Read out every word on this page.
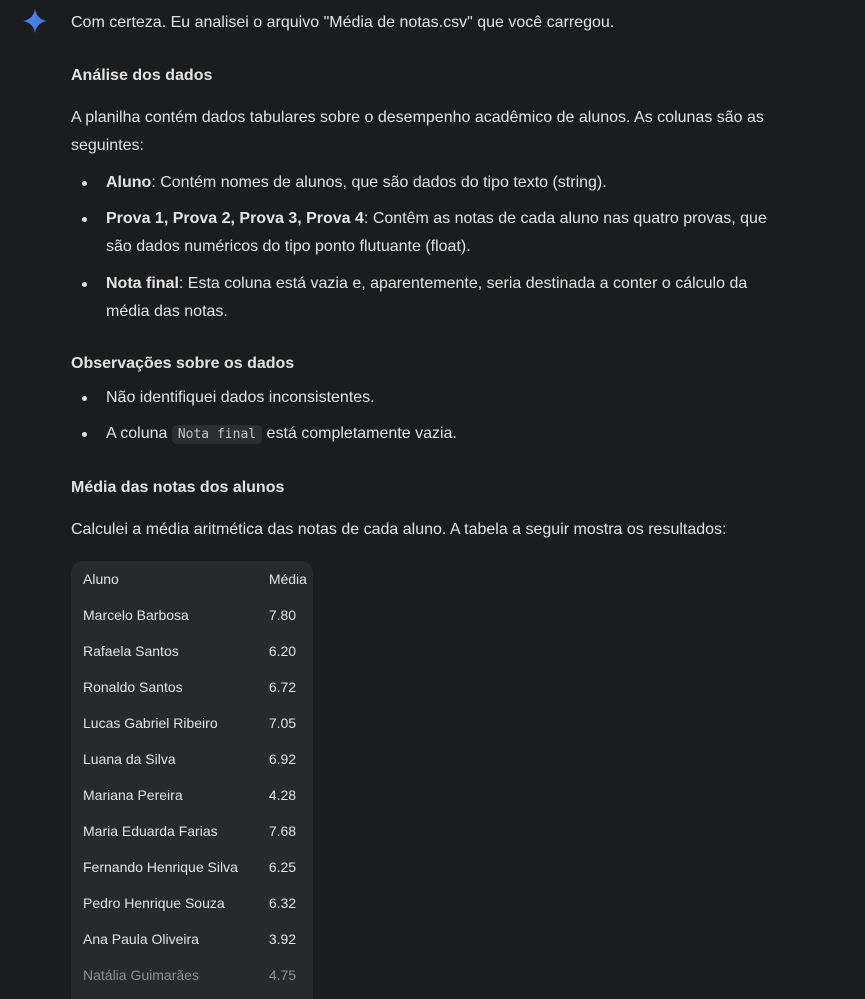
Com certeza. Eu analisei o arquivo "Média de notas.csv" que você carregou.

Análise dos dados

A planilha contém dados tabulares sobre o desempenho acadêmico de alunos. As colunas são as seguintes:

Aluno: Contém nomes de alunos, que são dados do tipo texto (string).
Prova 1, Prova 2, Prova 3, Prova 4: Contêm as notas de cada aluno nas quatro provas, que são dados numéricos do tipo ponto flutuante (float).
Nota final: Esta coluna está vazia e, aparentemente, seria destinada a conter o cálculo da média das notas.
Observações sobre os dados
Não identifiquei dados inconsistentes.
A coluna Nota final está completamente vazia.
Média das notas dos alunos

Calculei a média aritmética das notas de cada aluno. A tabela a seguir mostra os resultados:

Aluno	Média
Marcelo Barbosa	7.80
Rafaela Santos	6.20
Ronaldo Santos	6.72
Lucas Gabriel Ribeiro	7.05
Luana da Silva	6.92
Mariana Pereira	4.28
Maria Eduarda Farias	7.68
Fernando Henrique Silva	6.25
Pedro Henrique Souza	6.32
Ana Paula Oliveira	3.92
Natália Guimarães	4.75
